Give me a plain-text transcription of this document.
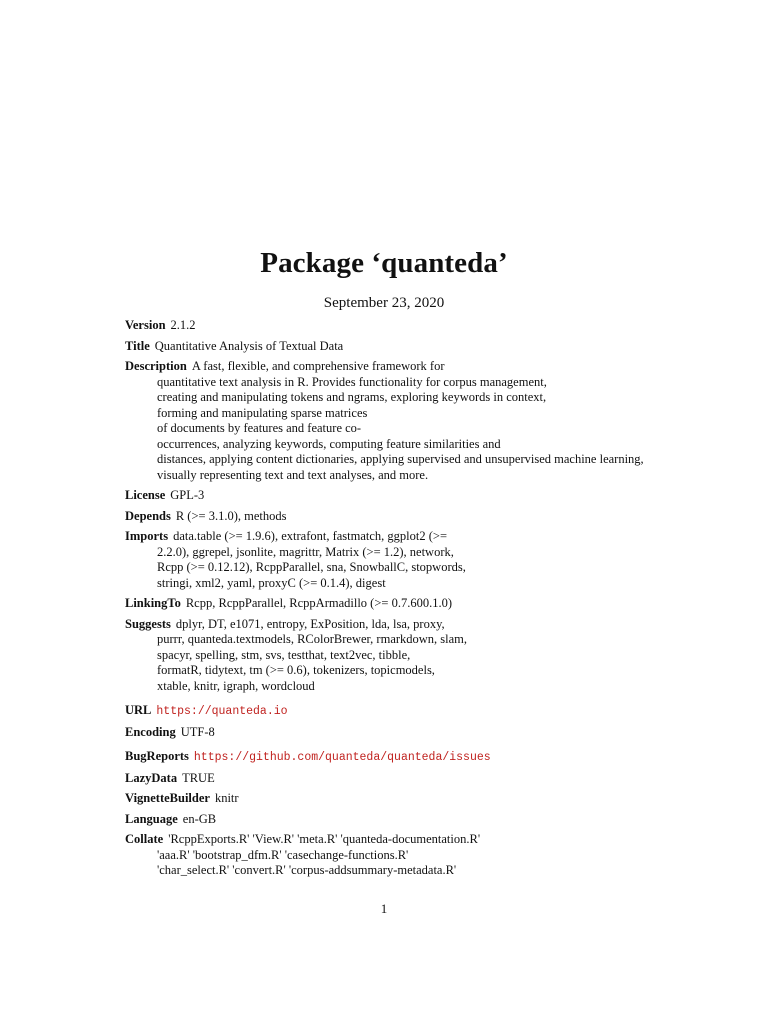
Package ‘quanteda’
September 23, 2020
Version 2.1.2
Title Quantitative Analysis of Textual Data
Description A fast, flexible, and comprehensive framework for
quantitative text analysis in R. Provides functionality for corpus management,
creating and manipulating tokens and ngrams, exploring keywords in context,
forming and manipulating sparse matrices
of documents by features and feature co-
occurrences, analyzing keywords, computing feature similarities and
distances, applying content dictionaries, applying supervised and unsupervised machine learning,
visually representing text and text analyses, and more.
License GPL-3
Depends R (>= 3.1.0), methods
Imports data.table (>= 1.9.6), extrafont, fastmatch, ggplot2 (>=
2.2.0), ggrepel, jsonlite, magrittr, Matrix (>= 1.2), network,
Rcpp (>= 0.12.12), RcppParallel, sna, SnowballC, stopwords,
stringi, xml2, yaml, proxyC (>= 0.1.4), digest
LinkingTo Rcpp, RcppParallel, RcppArmadillo (>= 0.7.600.1.0)
Suggests dplyr, DT, e1071, entropy, ExPosition, lda, lsa, proxy,
purrr, quanteda.textmodels, RColorBrewer, rmarkdown, slam,
spacyr, spelling, stm, svs, testthat, text2vec, tibble,
formatR, tidytext, tm (>= 0.6), tokenizers, topicmodels,
xtable, knitr, igraph, wordcloud
URL https://quanteda.io
Encoding UTF-8
BugReports https://github.com/quanteda/quanteda/issues
LazyData TRUE
VignetteBuilder knitr
Language en-GB
Collate 'RcppExports.R' 'View.R' 'meta.R' 'quanteda-documentation.R'
'aaa.R' 'bootstrap_dfm.R' 'casechange-functions.R'
'char_select.R' 'convert.R' 'corpus-addsummary-metadata.R'
1
